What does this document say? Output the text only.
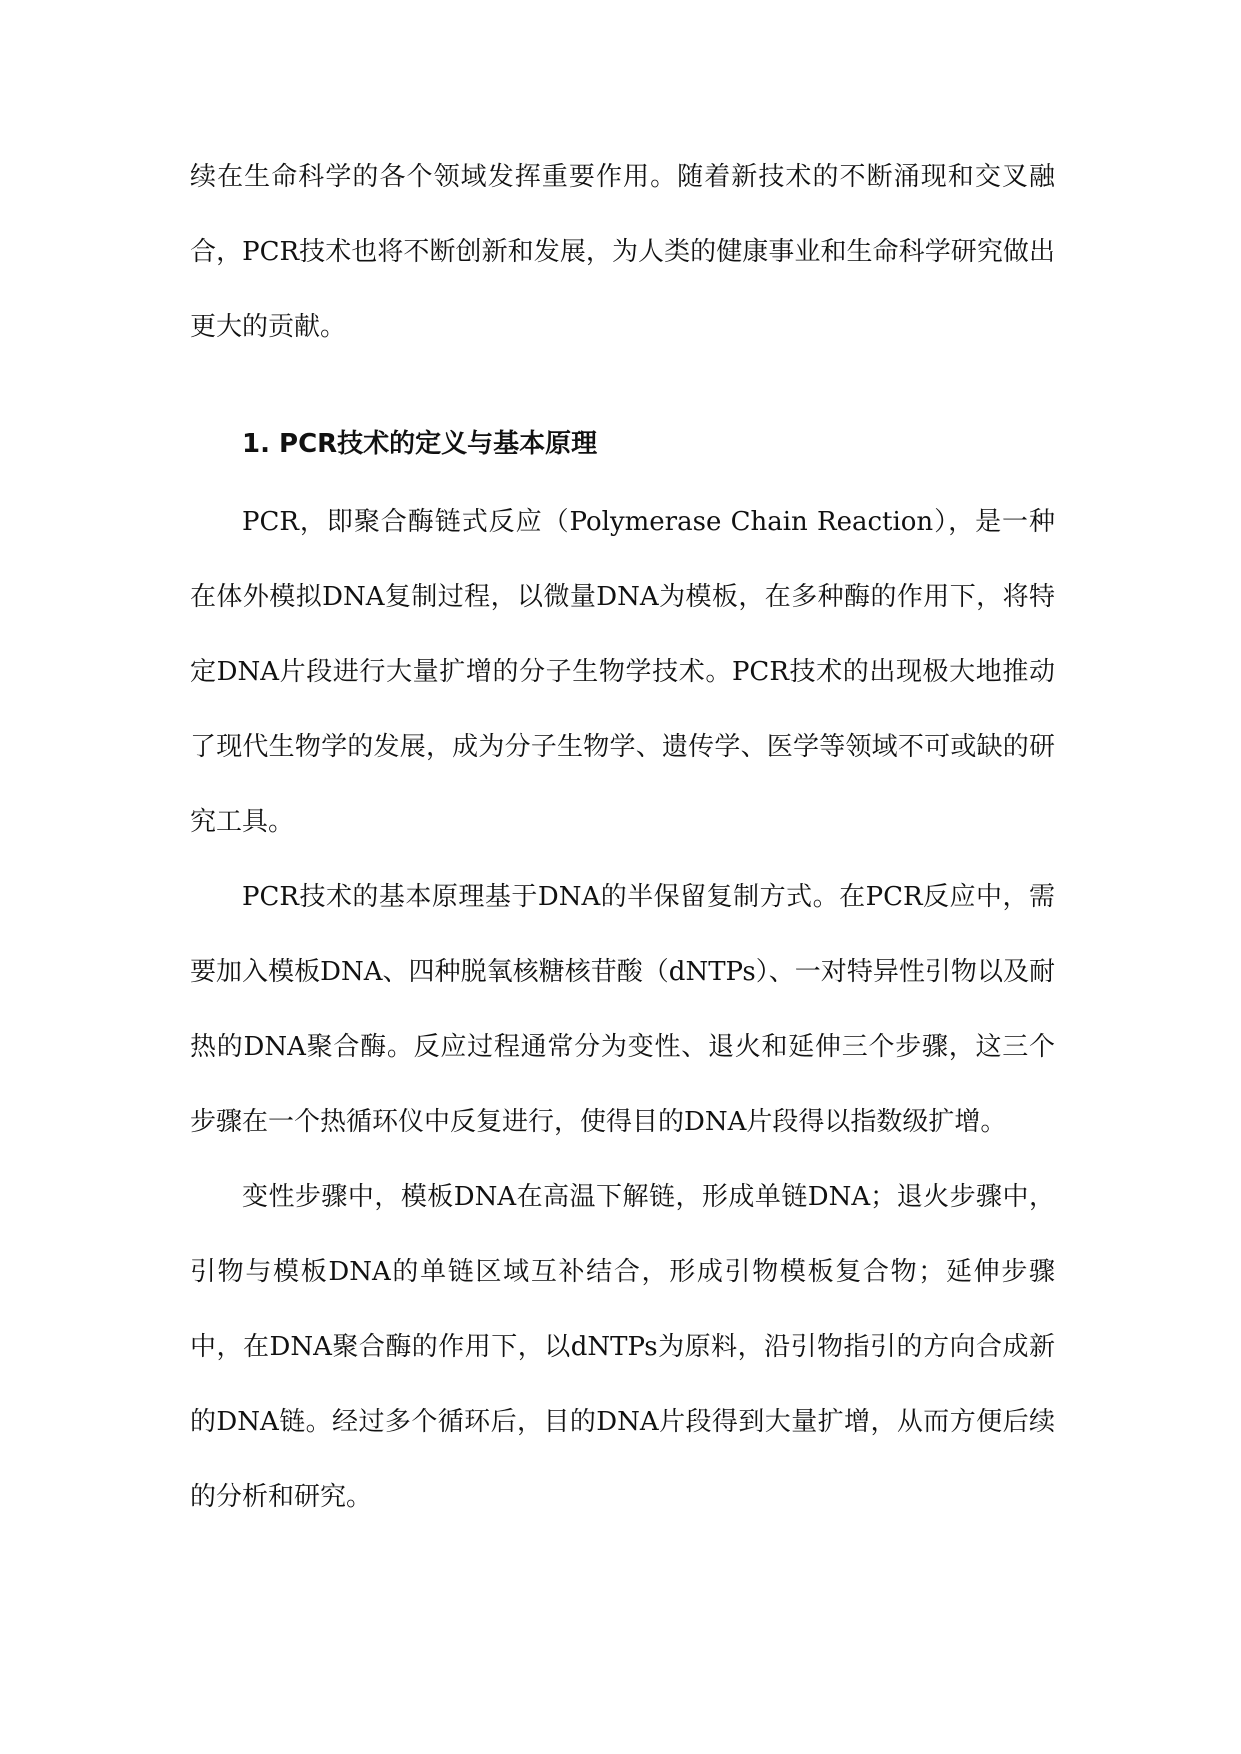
续在生命科学的各个领域发挥重要作用。随着新技术的不断涌现和交叉融合，PCR技术也将不断创新和发展，为人类的健康事业和生命科学研究做出更大的贡献。

1. PCR技术的定义与基本原理

PCR，即聚合酶链式反应（Polymerase Chain Reaction），是一种在体外模拟DNA复制过程，以微量DNA为模板，在多种酶的作用下，将特定DNA片段进行大量扩增的分子生物学技术。PCR技术的出现极大地推动了现代生物学的发展，成为分子生物学、遗传学、医学等领域不可或缺的研究工具。

PCR技术的基本原理基于DNA的半保留复制方式。在PCR反应中，需要加入模板DNA、四种脱氧核糖核苷酸（dNTPs）、一对特异性引物以及耐热的DNA聚合酶。反应过程通常分为变性、退火和延伸三个步骤，这三个步骤在一个热循环仪中反复进行，使得目的DNA片段得以指数级扩增。

变性步骤中，模板DNA在高温下解链，形成单链DNA；退火步骤中，引物与模板DNA的单链区域互补结合，形成引物模板复合物；延伸步骤中，在DNA聚合酶的作用下，以dNTPs为原料，沿引物指引的方向合成新的DNA链。经过多个循环后，目的DNA片段得到大量扩增，从而方便后续的分析和研究。
